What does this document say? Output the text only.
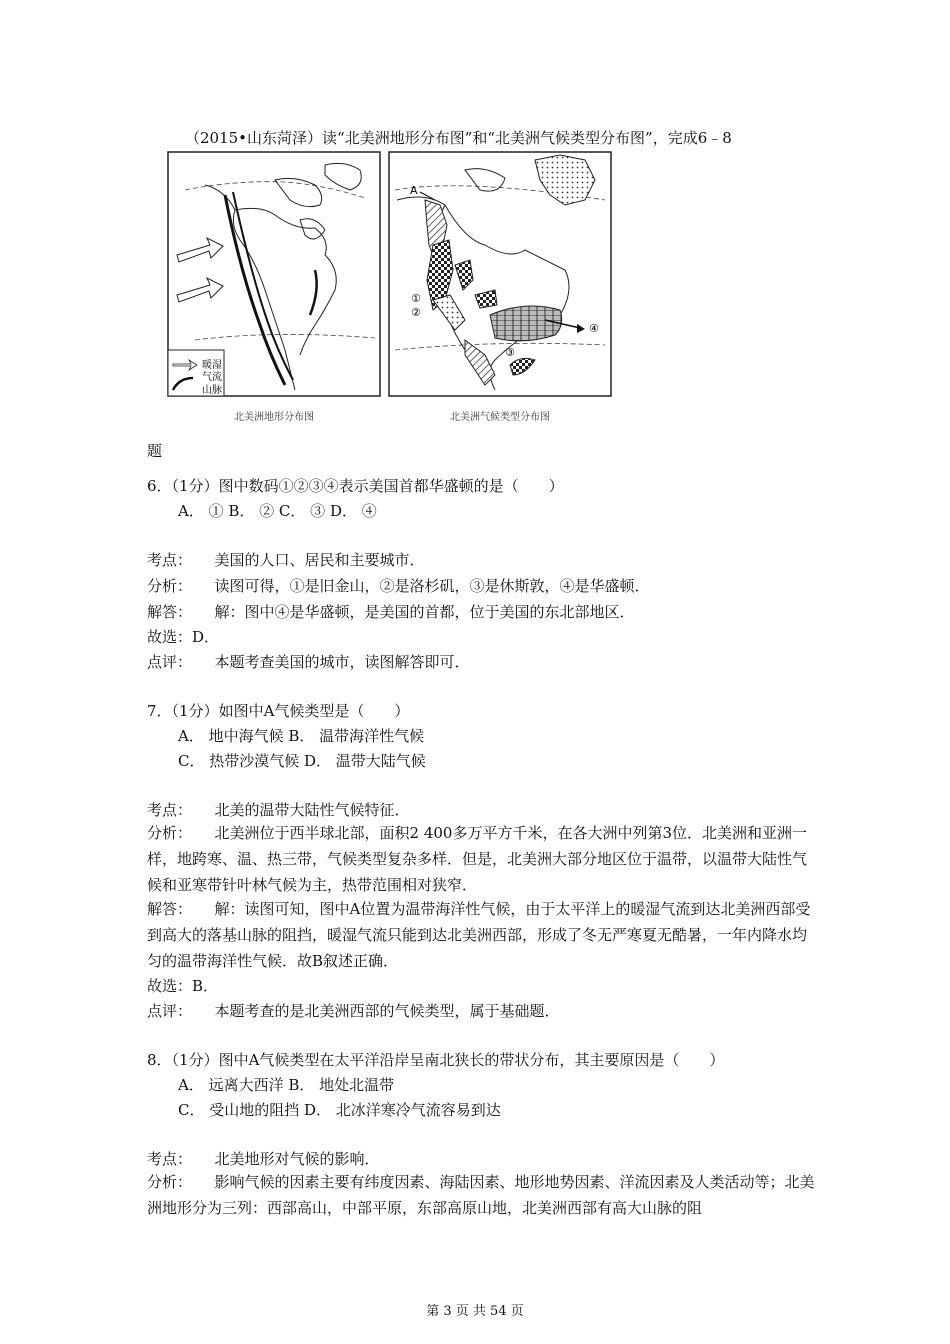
（2015•山东菏泽）读“北美洲地形分布图”和“北美洲气候类型分布图”，完成6﹣8
暖湿
气流
山脉
北美洲地形分布图
A
①
②
③
④
北美洲气候类型分布图
题
6．（1分）图中数码①②③④表示美国首都华盛顿的是（　　）
A． ① B． ② C． ③ D． ④
考点：　　美国的人口、居民和主要城市．
分析：　　读图可得，①是旧金山，②是洛杉矶，③是休斯敦，④是华盛顿．
解答：　　解：图中④是华盛顿，是美国的首都，位于美国的东北部地区．
故选：D．
点评：　　本题考查美国的城市，读图解答即可．
7．（1分）如图中A气候类型是（　　）
A． 地中海气候 B． 温带海洋性气候
C． 热带沙漠气候 D． 温带大陆气候
考点：　　北美的温带大陆性气候特征．
分析：　　北美洲位于西半球北部，面积2 400多万平方千米，在各大洲中列第3位．北美洲和亚洲一样，地跨寒、温、热三带，气候类型复杂多样．但是，北美洲大部分地区位于温带，以温带大陆性气候和亚寒带针叶林气候为主，热带范围相对狭窄．
解答：　　解：读图可知，图中A位置为温带海洋性气候，由于太平洋上的暖湿气流到达北美洲西部受到高大的落基山脉的阻挡，暖湿气流只能到达北美洲西部，形成了冬无严寒夏无酷暑，一年内降水均匀的温带海洋性气候．故B叙述正确．
故选：B．
点评：　　本题考查的是北美洲西部的气候类型，属于基础题．
8．（1分）图中A气候类型在太平洋沿岸呈南北狭长的带状分布，其主要原因是（　　）
A． 远离大西洋 B． 地处北温带
C． 受山地的阻挡 D． 北冰洋寒冷气流容易到达
考点：　　北美地形对气候的影响．
分析：　　影响气候的因素主要有纬度因素、海陆因素、地形地势因素、洋流因素及人类活动等；北美洲地形分为三列：西部高山，中部平原，东部高原山地，北美洲西部有高大山脉的阻
第 3 页 共 54 页
